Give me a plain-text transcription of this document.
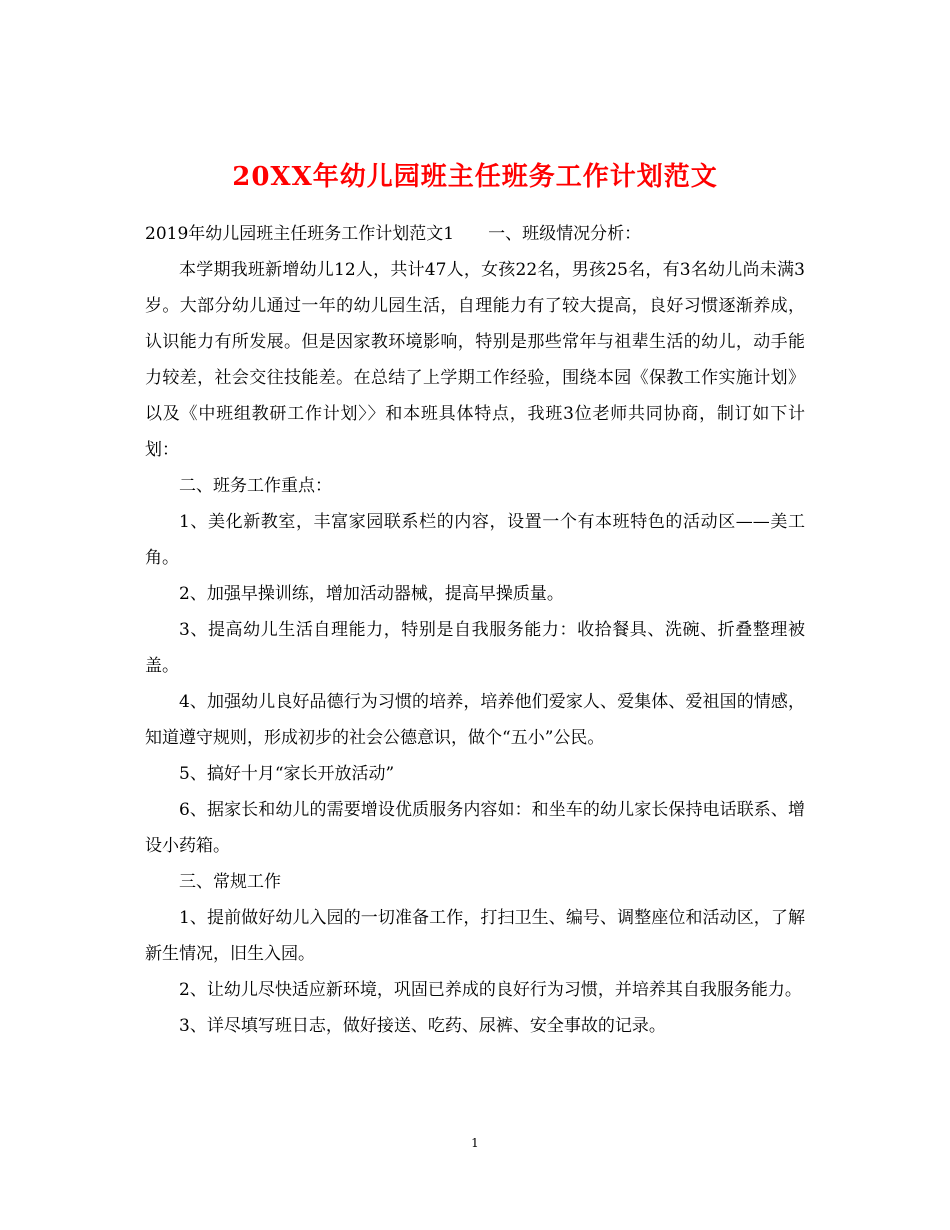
20XX年幼儿园班主任班务工作计划范文

2019年幼儿园班主任班务工作计划范文1　　一、班级情况分析：

本学期我班新增幼儿12人，共计47人，女孩22名，男孩25名，有3名幼儿尚未满3岁。大部分幼儿通过一年的幼儿园生活，自理能力有了较大提高，良好习惯逐渐养成，认识能力有所发展。但是因家教环境影响，特别是那些常年与祖辈生活的幼儿，动手能力较差，社会交往技能差。在总结了上学期工作经验，围绕本园《保教工作实施计划》以及《中班组教研工作计划〉〉和本班具体特点，我班3位老师共同协商，制订如下计划：

二、班务工作重点：

1、美化新教室，丰富家园联系栏的内容，设置一个有本班特色的活动区——美工角。

2、加强早操训练，增加活动器械，提高早操质量。

3、提高幼儿生活自理能力，特别是自我服务能力：收拾餐具、洗碗、折叠整理被盖。

4、加强幼儿良好品德行为习惯的培养，培养他们爱家人、爱集体、爱祖国的情感，知道遵守规则，形成初步的社会公德意识，做个“五小”公民。

5、搞好十月“家长开放活动”

6、据家长和幼儿的需要增设优质服务内容如：和坐车的幼儿家长保持电话联系、增设小药箱。

三、常规工作

1、提前做好幼儿入园的一切准备工作，打扫卫生、编号、调整座位和活动区，了解新生情况，旧生入园。

2、让幼儿尽快适应新环境，巩固已养成的良好行为习惯，并培养其自我服务能力。

3、详尽填写班日志，做好接送、吃药、尿裤、安全事故的记录。

1
